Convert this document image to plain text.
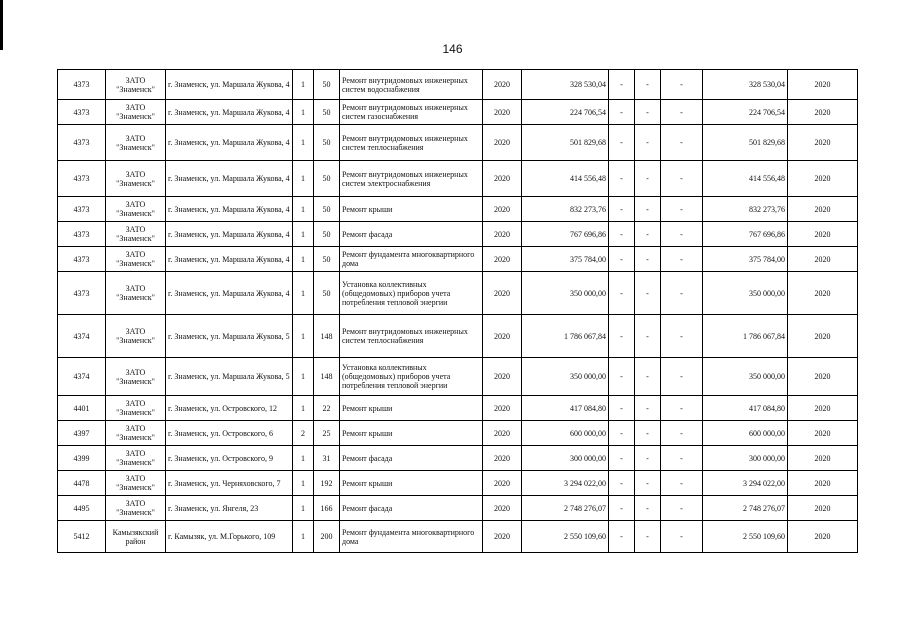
146
4373	ЗАТО "Знаменск"	г. Знаменск, ул. Маршала Жукова, 4	1	50	Ремонт внутридомовых инженерных систем водоснабжения	2020	328 530,04	-	-	-	328 530,04	2020
4373	ЗАТО "Знаменск"	г. Знаменск, ул. Маршала Жукова, 4	1	50	Ремонт внутридомовых инженерных систем газоснабжения	2020	224 706,54	-	-	-	224 706,54	2020
4373	ЗАТО "Знаменск"	г. Знаменск, ул. Маршала Жукова, 4	1	50	Ремонт внутридомовых инженерных систем теплоснабжения	2020	501 829,68	-	-	-	501 829,68	2020
4373	ЗАТО "Знаменск"	г. Знаменск, ул. Маршала Жукова, 4	1	50	Ремонт внутридомовых инженерных систем электроснабжения	2020	414 556,48	-	-	-	414 556,48	2020
4373	ЗАТО "Знаменск"	г. Знаменск, ул. Маршала Жукова, 4	1	50	Ремонт крыши	2020	832 273,76	-	-	-	832 273,76	2020
4373	ЗАТО "Знаменск"	г. Знаменск, ул. Маршала Жукова, 4	1	50	Ремонт фасада	2020	767 696,86	-	-	-	767 696,86	2020
4373	ЗАТО "Знаменск"	г. Знаменск, ул. Маршала Жукова, 4	1	50	Ремонт фундамента многоквартирного дома	2020	375 784,00	-	-	-	375 784,00	2020
4373	ЗАТО "Знаменск"	г. Знаменск, ул. Маршала Жукова, 4	1	50	Установка коллективных (общедомовых) приборов учета потребления тепловой энергии	2020	350 000,00	-	-	-	350 000,00	2020
4374	ЗАТО "Знаменск"	г. Знаменск, ул. Маршала Жукова, 5	1	148	Ремонт внутридомовых инженерных систем теплоснабжения	2020	1 786 067,84	-	-	-	1 786 067,84	2020
4374	ЗАТО "Знаменск"	г. Знаменск, ул. Маршала Жукова, 5	1	148	Установка коллективных (общедомовых) приборов учета потребления тепловой энергии	2020	350 000,00	-	-	-	350 000,00	2020
4401	ЗАТО "Знаменск"	г. Знаменск, ул. Островского, 12	1	22	Ремонт крыши	2020	417 084,80	-	-	-	417 084,80	2020
4397	ЗАТО "Знаменск"	г. Знаменск, ул. Островского, 6	2	25	Ремонт крыши	2020	600 000,00	-	-	-	600 000,00	2020
4399	ЗАТО "Знаменск"	г. Знаменск, ул. Островского, 9	1	31	Ремонт фасада	2020	300 000,00	-	-	-	300 000,00	2020
4478	ЗАТО "Знаменск"	г. Знаменск, ул. Черняховского, 7	1	192	Ремонт крыши	2020	3 294 022,00	-	-	-	3 294 022,00	2020
4495	ЗАТО "Знаменск"	г. Знаменск, ул. Янгеля, 23	1	166	Ремонт фасада	2020	2 748 276,07	-	-	-	2 748 276,07	2020
5412	Камызякский район	г. Камызяк, ул. М.Горького, 109	1	200	Ремонт фундамента многоквартирного дома	2020	2 550 109,60	-	-	-	2 550 109,60	2020
